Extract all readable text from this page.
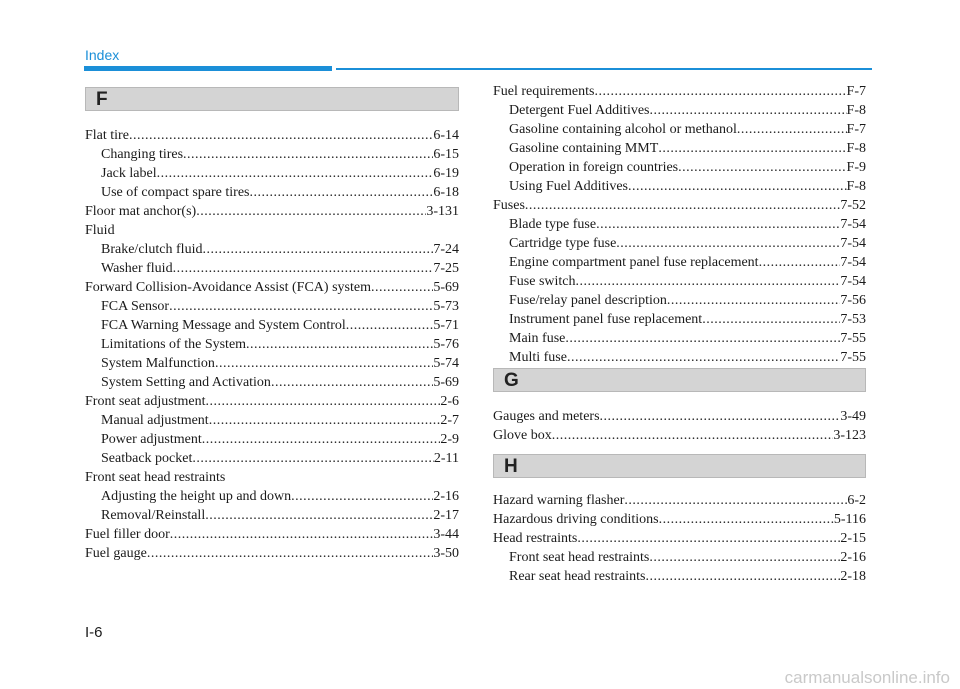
Index
F
Flat tire .....	6-14
Changing tires .....	6-15
Jack label .....	6-19
Use of compact spare tires .....	6-18
Floor mat anchor(s) .....	3-131
Fluid
Brake/clutch fluid .....	7-24
Washer fluid .....	7-25
Forward Collision-Avoidance Assist (FCA) system .....	5-69
FCA Sensor .....	5-73
FCA Warning Message and System Control .....	5-71
Limitations of the System .....	5-76
System Malfunction .....	5-74
System Setting and Activation .....	5-69
Front seat adjustment .....	2-6
Manual adjustment .....	2-7
Power adjustment .....	2-9
Seatback pocket .....	2-11
Front seat head restraints
Adjusting the height up and down .....	2-16
Removal/Reinstall .....	2-17
Fuel filler door .....	3-44
Fuel gauge .....	3-50
Fuel requirements .....	F-7
Detergent Fuel Additives .....	F-8
Gasoline containing alcohol or methanol .....	F-7
Gasoline containing MMT .....	F-8
Operation in foreign countries .....	F-9
Using Fuel Additives .....	F-8
Fuses .....	7-52
Blade type fuse .....	7-54
Cartridge type fuse .....	7-54
Engine compartment panel fuse replacement .....	7-54
Fuse switch .....	7-54
Fuse/relay panel description .....	7-56
Instrument panel fuse replacement .....	7-53
Main fuse .....	7-55
Multi fuse .....	7-55
G
Gauges and meters .....	3-49
Glove box .....	3-123
H
Hazard warning flasher .....	6-2
Hazardous driving conditions .....	5-116
Head restraints .....	2-15
Front seat head restraints .....	2-16
Rear seat head restraints .....	2-18
I-6
carmanualsonline.info
